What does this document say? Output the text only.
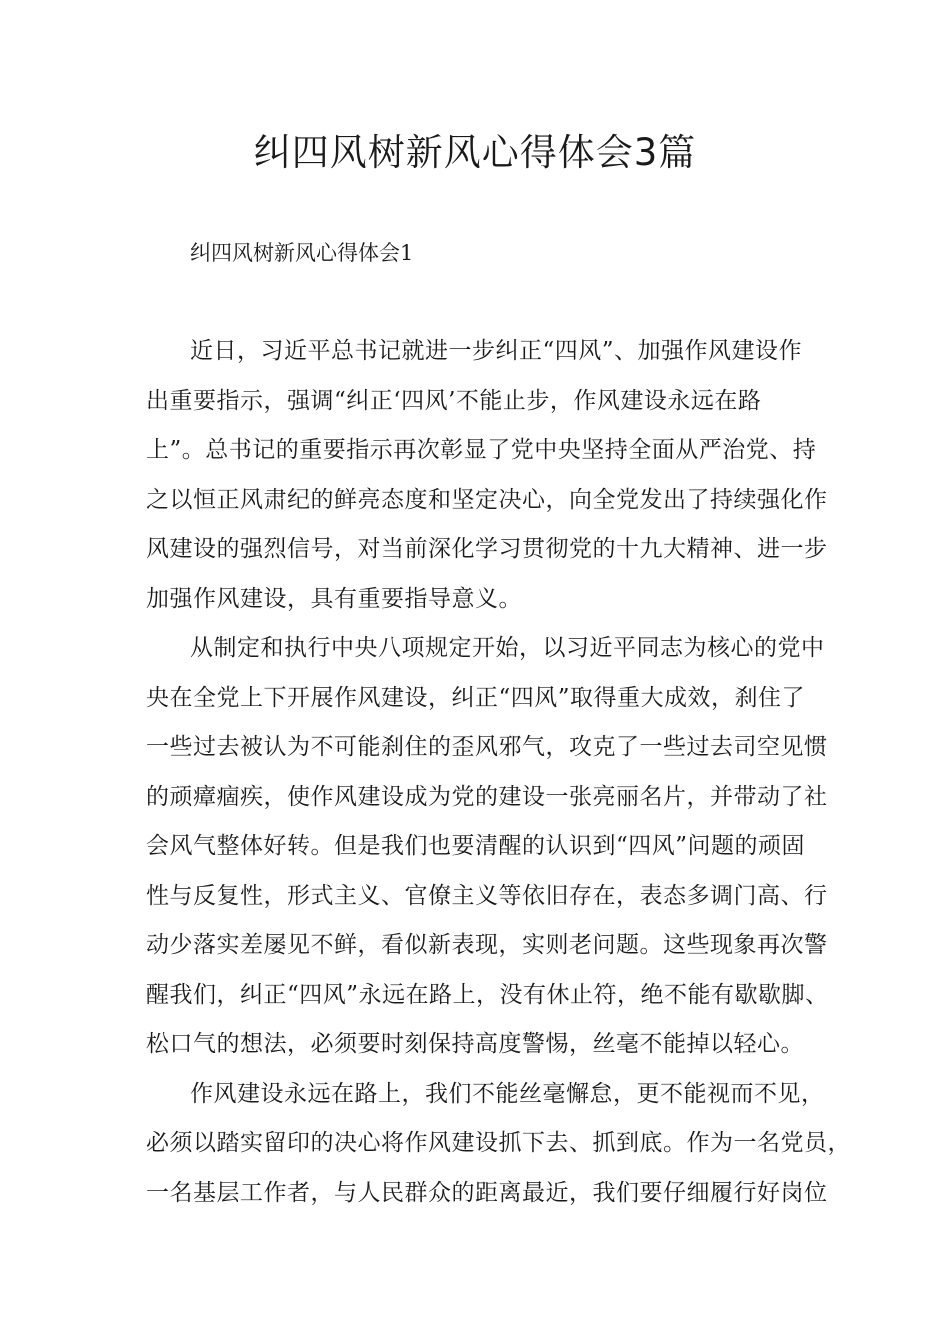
纠四风树新风心得体会3篇
纠四风树新风心得体会1
近日，习近平总书记就进一步纠正“四风”、加强作风建设作
出重要指示，强调“纠正‘四风’不能止步，作风建设永远在路
上”。总书记的重要指示再次彰显了党中央坚持全面从严治党、持
之以恒正风肃纪的鲜亮态度和坚定决心，向全党发出了持续强化作
风建设的强烈信号，对当前深化学习贯彻党的十九大精神、进一步
加强作风建设，具有重要指导意义。
从制定和执行中央八项规定开始，以习近平同志为核心的党中
央在全党上下开展作风建设，纠正“四风”取得重大成效，刹住了
一些过去被认为不可能刹住的歪风邪气，攻克了一些过去司空见惯
的顽瘴痼疾，使作风建设成为党的建设一张亮丽名片，并带动了社
会风气整体好转。但是我们也要清醒的认识到“四风”问题的顽固
性与反复性，形式主义、官僚主义等依旧存在，表态多调门高、行
动少落实差屡见不鲜，看似新表现，实则老问题。这些现象再次警
醒我们，纠正“四风”永远在路上，没有休止符，绝不能有歇歇脚、
松口气的想法，必须要时刻保持高度警惕，丝毫不能掉以轻心。
作风建设永远在路上，我们不能丝毫懈怠，更不能视而不见，
必须以踏实留印的决心将作风建设抓下去、抓到底。作为一名党员，
一名基层工作者，与人民群众的距离最近，我们要仔细履行好岗位
